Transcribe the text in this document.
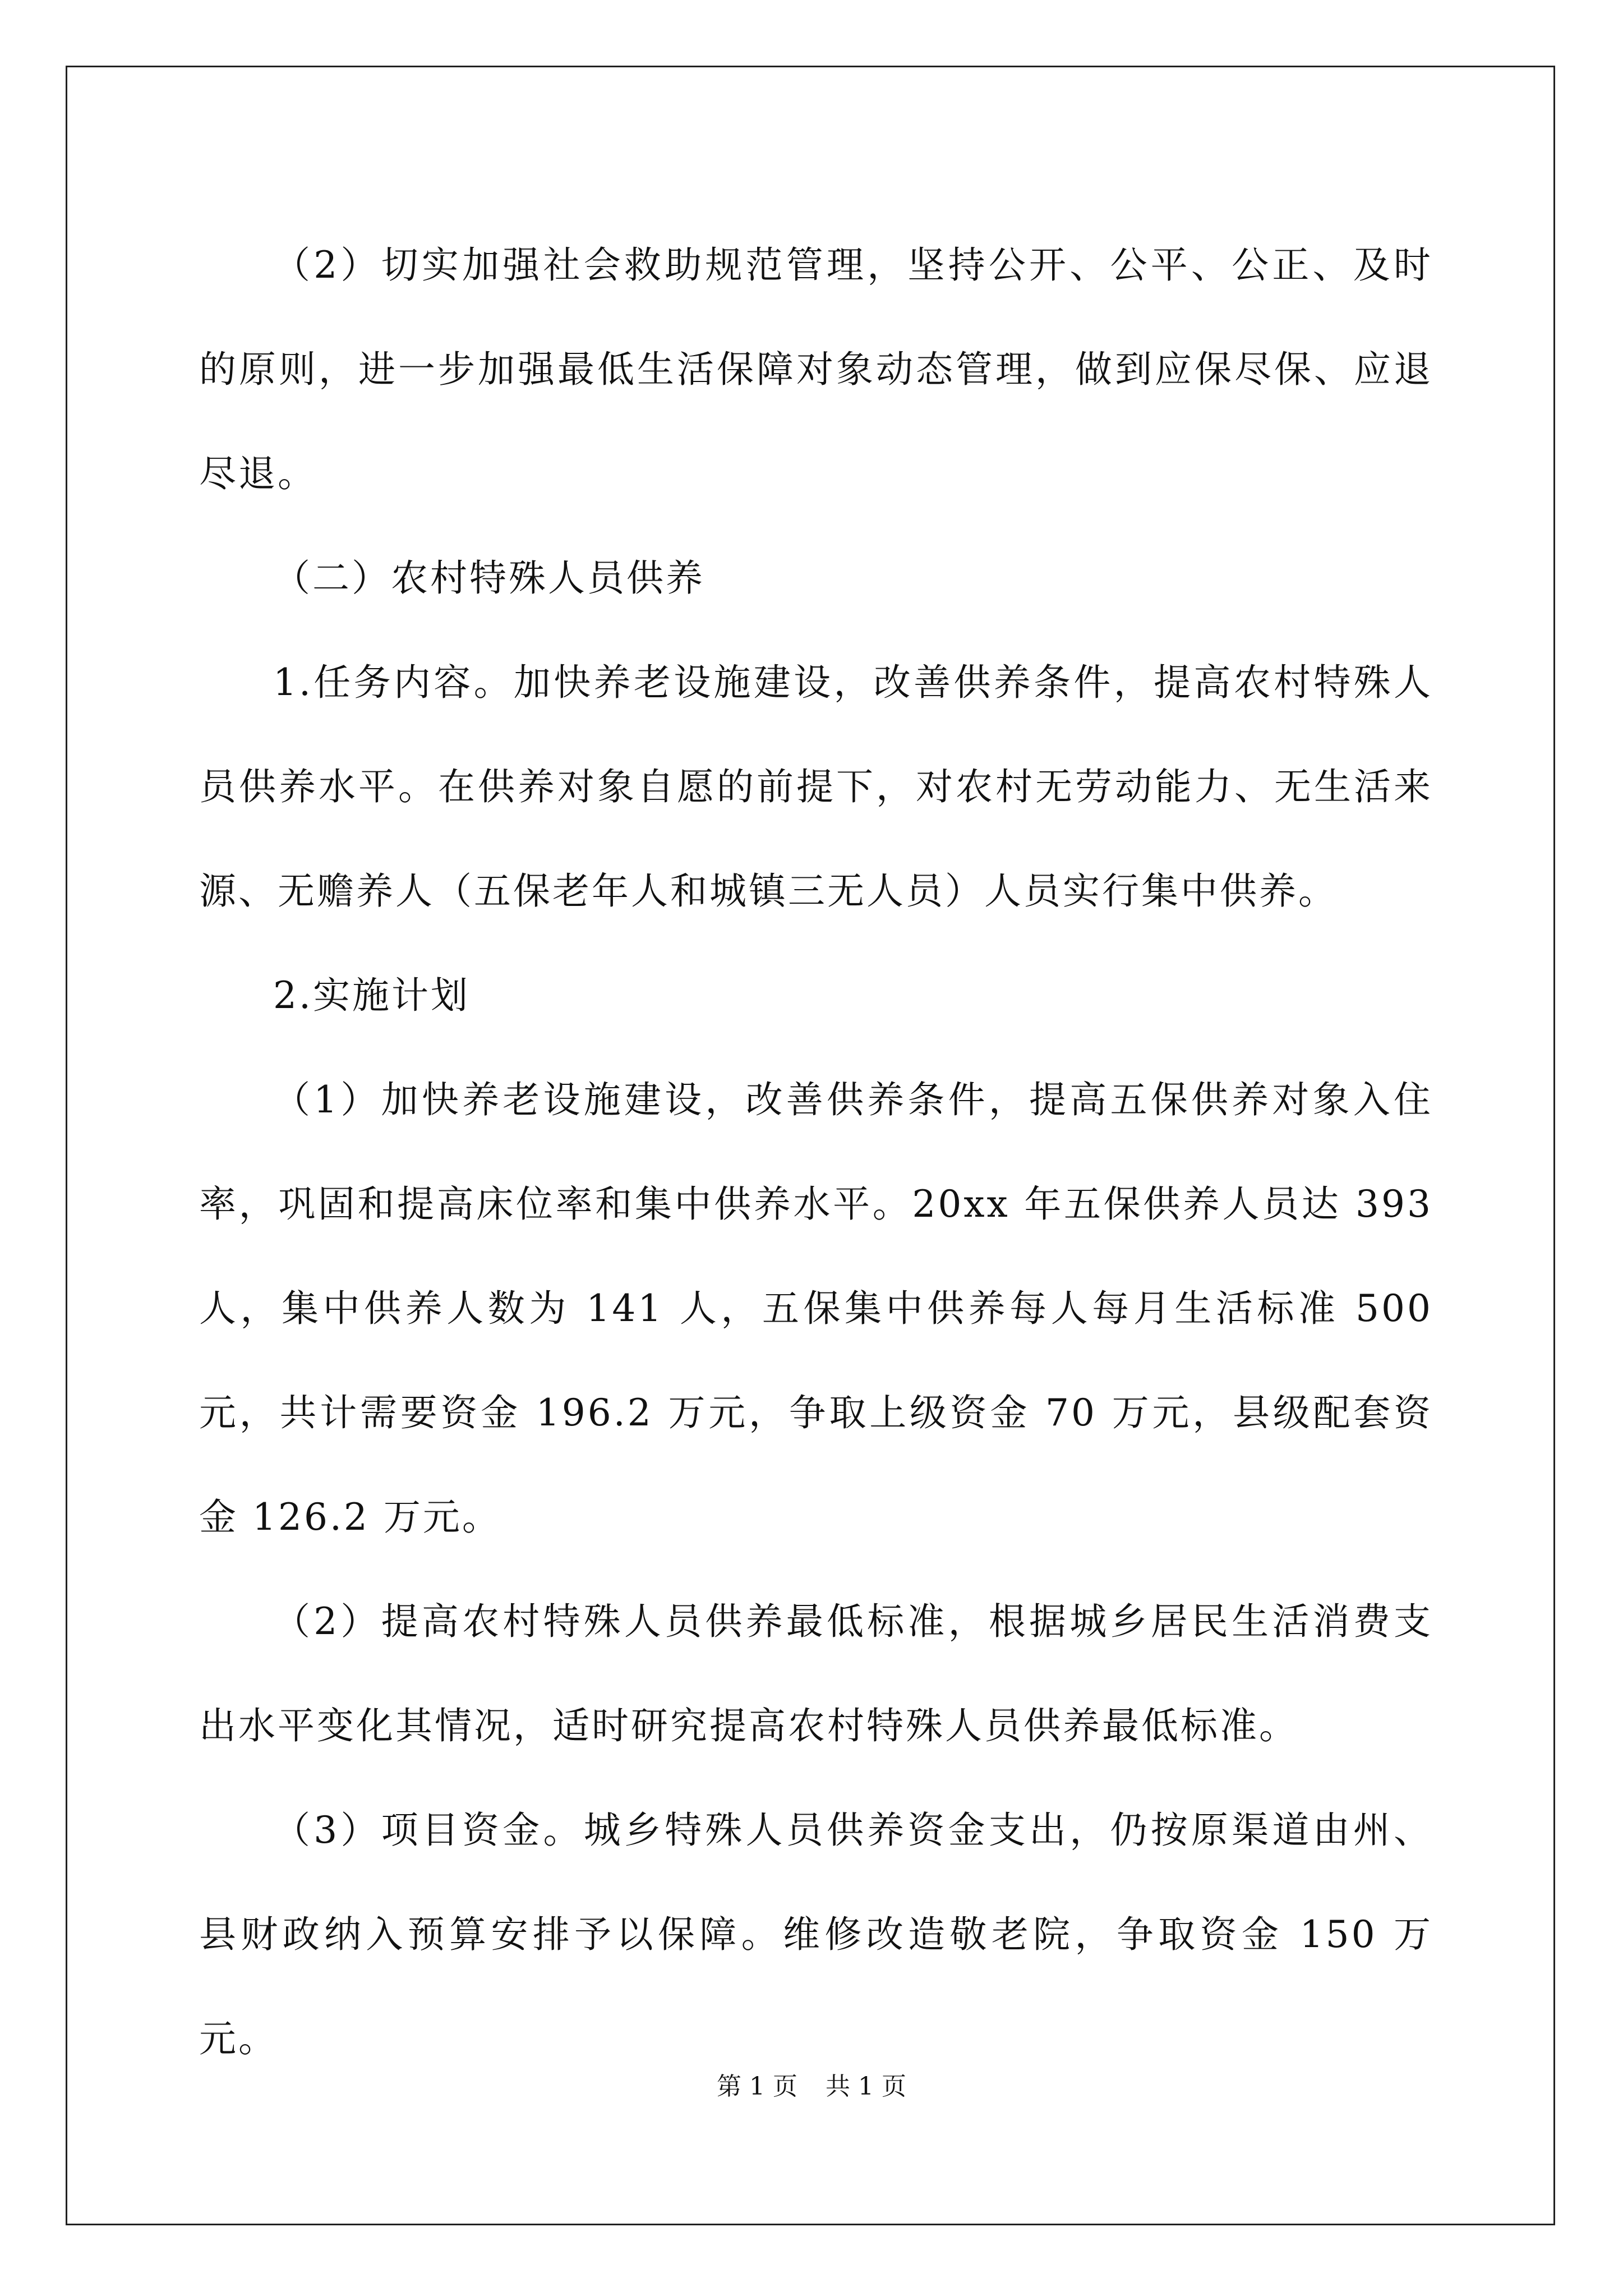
（2）切实加强社会救助规范管理，坚持公开、公平、公正、及时的原则，进一步加强最低生活保障对象动态管理，做到应保尽保、应退尽退。

（二）农村特殊人员供养

1.任务内容。加快养老设施建设，改善供养条件，提高农村特殊人员供养水平。在供养对象自愿的前提下，对农村无劳动能力、无生活来源、无赡养人（五保老年人和城镇三无人员）人员实行集中供养。

2.实施计划

（1）加快养老设施建设，改善供养条件，提高五保供养对象入住率，巩固和提高床位率和集中供养水平。20xx 年五保供养人员达 393 人，集中供养人数为 141 人，五保集中供养每人每月生活标准 500 元，共计需要资金 196.2 万元，争取上级资金 70 万元，县级配套资金 126.2 万元。

（2）提高农村特殊人员供养最低标准，根据城乡居民生活消费支出水平变化其情况，适时研究提高农村特殊人员供养最低标准。

（3）项目资金。城乡特殊人员供养资金支出，仍按原渠道由州、县财政纳入预算安排予以保障。维修改造敬老院，争取资金 150 万元。

第 1 页 共 1 页
